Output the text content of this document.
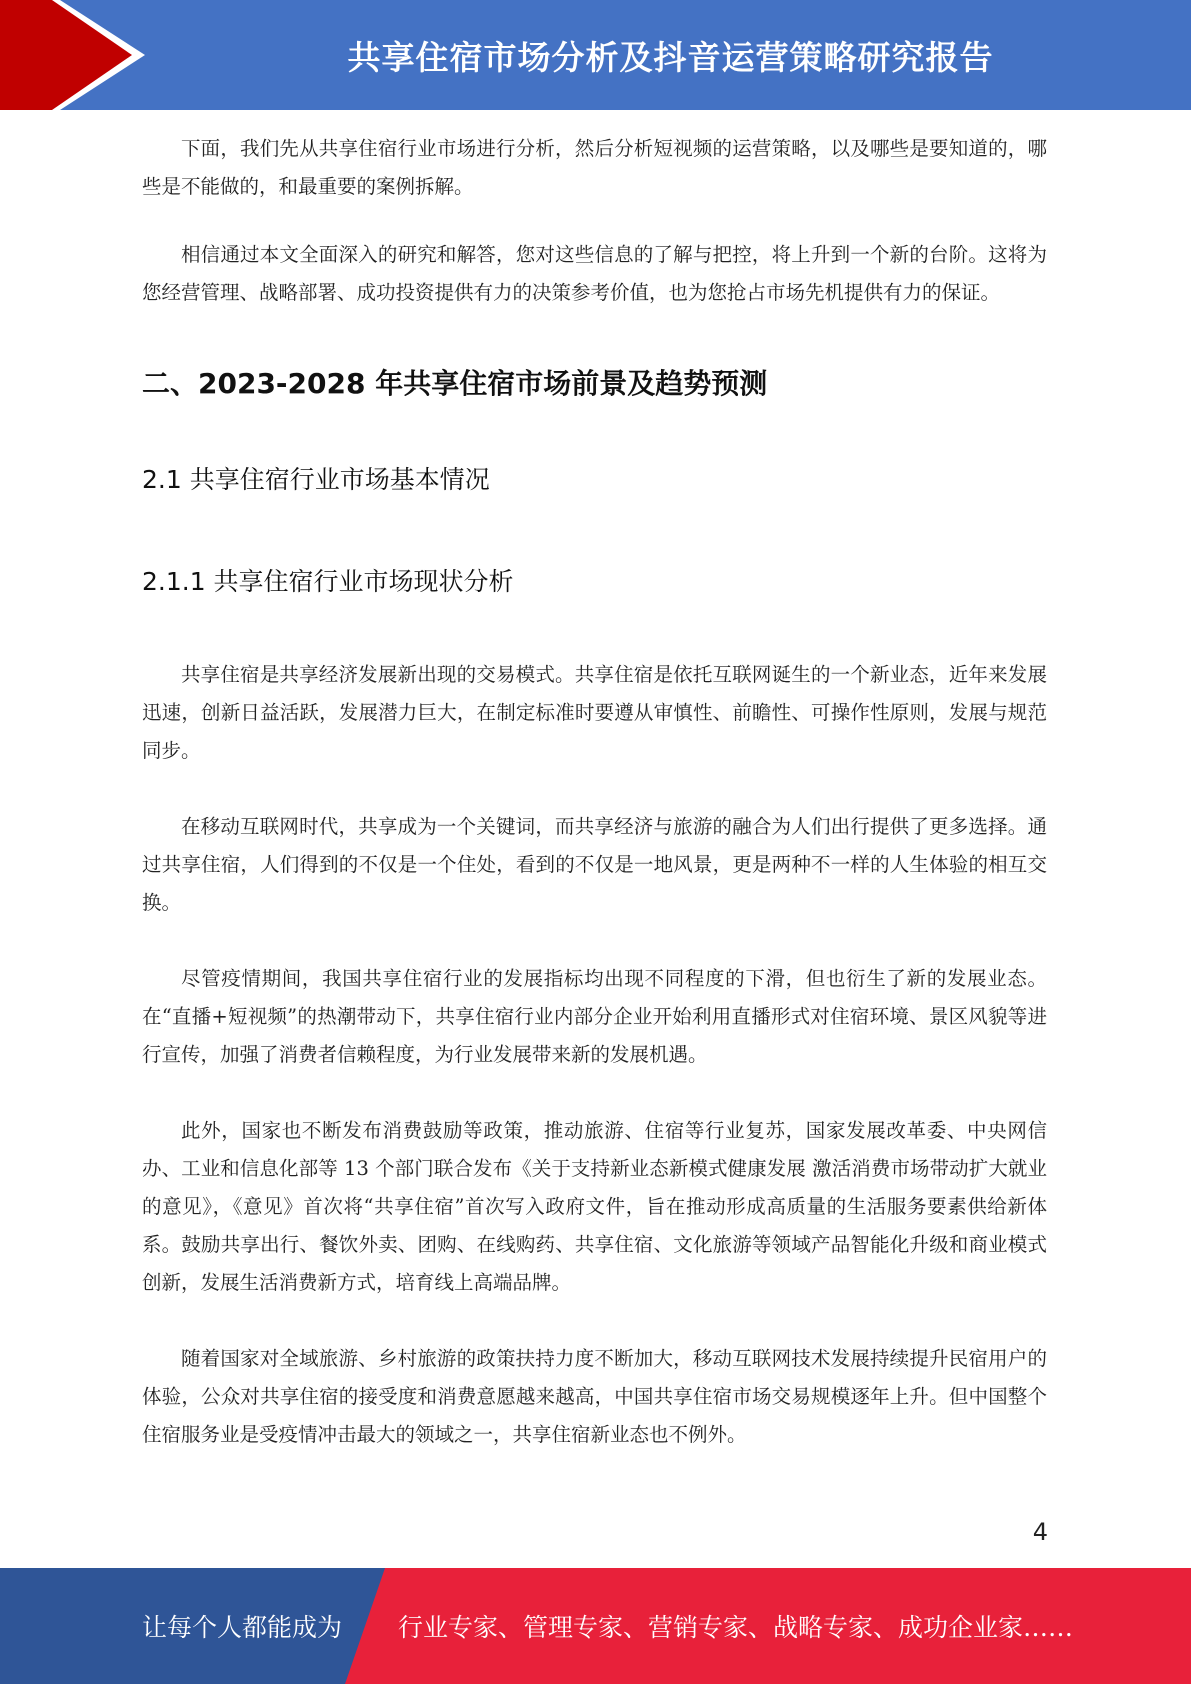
共享住宿市场分析及抖音运营策略研究报告

下面，我们先从共享住宿行业市场进行分析，然后分析短视频的运营策略，以及哪些是要知道的，哪些是不能做的，和最重要的案例拆解。

相信通过本文全面深入的研究和解答，您对这些信息的了解与把控，将上升到一个新的台阶。这将为您经营管理、战略部署、成功投资提供有力的决策参考价值，也为您抢占市场先机提供有力的保证。

二、2023-2028 年共享住宿市场前景及趋势预测
2.1 共享住宿行业市场基本情况
2.1.1 共享住宿行业市场现状分析

共享住宿是共享经济发展新出现的交易模式。共享住宿是依托互联网诞生的一个新业态，近年来发展迅速，创新日益活跃，发展潜力巨大，在制定标准时要遵从审慎性、前瞻性、可操作性原则，发展与规范同步。

在移动互联网时代，共享成为一个关键词，而共享经济与旅游的融合为人们出行提供了更多选择。通过共享住宿，人们得到的不仅是一个住处，看到的不仅是一地风景，更是两种不一样的人生体验的相互交换。

尽管疫情期间，我国共享住宿行业的发展指标均出现不同程度的下滑，但也衍生了新的发展业态。在“直播+短视频”的热潮带动下，共享住宿行业内部分企业开始利用直播形式对住宿环境、景区风貌等进行宣传，加强了消费者信赖程度，为行业发展带来新的发展机遇。

此外，国家也不断发布消费鼓励等政策，推动旅游、住宿等行业复苏，国家发展改革委、中央网信办、工业和信息化部等 13 个部门联合发布《关于支持新业态新模式健康发展 激活消费市场带动扩大就业的意见》，《意见》首次将“共享住宿”首次写入政府文件，旨在推动形成高质量的生活服务要素供给新体系。鼓励共享出行、餐饮外卖、团购、在线购药、共享住宿、文化旅游等领域产品智能化升级和商业模式创新，发展生活消费新方式，培育线上高端品牌。

随着国家对全域旅游、乡村旅游的政策扶持力度不断加大，移动互联网技术发展持续提升民宿用户的体验，公众对共享住宿的接受度和消费意愿越来越高，中国共享住宿市场交易规模逐年上升。但中国整个住宿服务业是受疫情冲击最大的领域之一，共享住宿新业态也不例外。

4
让每个人都能成为 行业专家、管理专家、营销专家、战略专家、成功企业家……
